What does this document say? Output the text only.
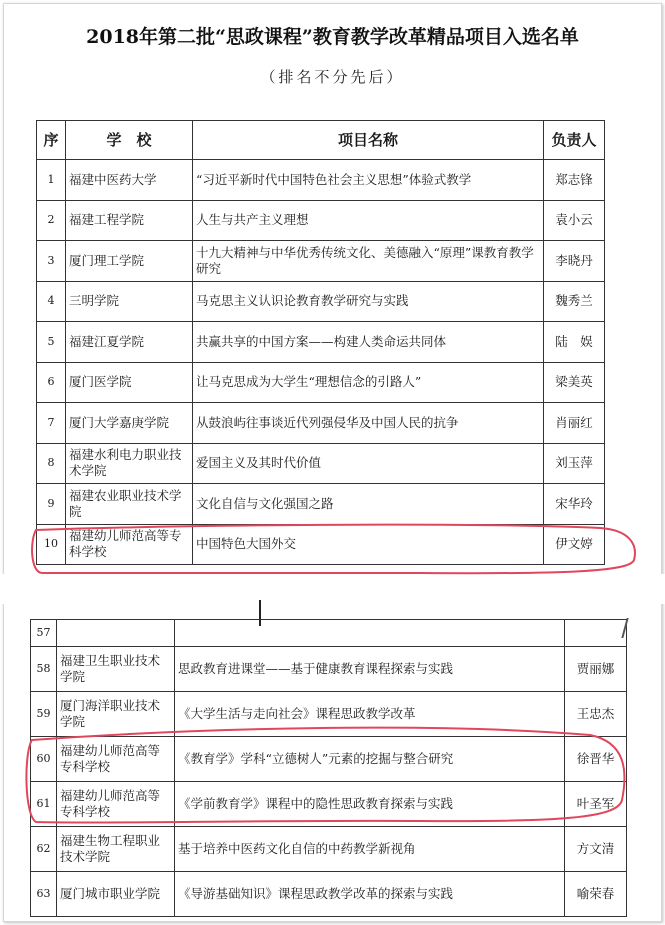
2018年第二批“思政课程”教育教学改革精品项目入选名单
（排名不分先后）
序	学　校	项目名称	负责人
1	福建中医药大学	“习近平新时代中国特色社会主义思想”体验式教学	郑志锋
2	福建工程学院	人生与共产主义理想	袁小云
3	厦门理工学院	十九大精神与中华优秀传统文化、美德融入“原理”课教育教学研究	李晓丹
4	三明学院	马克思主义认识论教育教学研究与实践	魏秀兰
5	福建江夏学院	共赢共享的中国方案——构建人类命运共同体	陆　娱
6	厦门医学院	让马克思成为大学生“理想信念的引路人”	梁美英
7	厦门大学嘉庚学院	从鼓浪屿往事谈近代列强侵华及中国人民的抗争	肖丽红
8	福建水利电力职业技术学院	爱国主义及其时代价值	刘玉萍
9	福建农业职业技术学院	文化自信与文化强国之路	宋华玲
10	福建幼儿师范高等专科学校	中国特色大国外交	伊文婷
57			
58	福建卫生职业技术学院	思政教育进课堂——基于健康教育课程探索与实践	贾丽娜
59	厦门海洋职业技术学院	《大学生活与走向社会》课程思政教学改革	王忠杰
60	福建幼儿师范高等专科学校	《教育学》学科“立德树人”元素的挖掘与整合研究	徐晋华
61	福建幼儿师范高等专科学校	《学前教育学》课程中的隐性思政教育探索与实践	叶圣军
62	福建生物工程职业技术学院	基于培养中医药文化自信的中药教学新视角	方文清
63	厦门城市职业学院	《导游基础知识》课程思政教学改革的探索与实践	喻荣春
